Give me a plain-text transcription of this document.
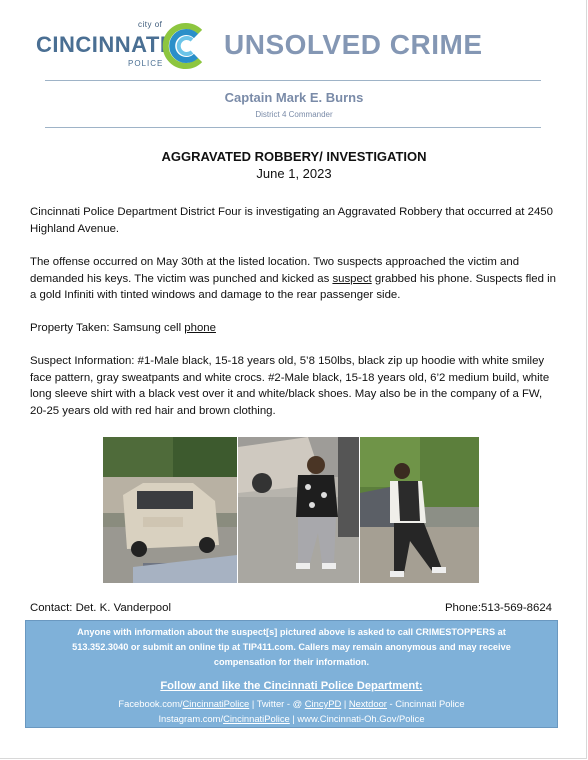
city of
CINCINNATI
POLICE
UNSOLVED CRIME
Captain Mark E. Burns
District 4 Commander
AGGRAVATED ROBBERY/ INVESTIGATION
June 1, 2023
Cincinnati Police Department District Four is investigating an Aggravated Robbery that occurred at 2450 Highland Avenue.
The offense occurred on May 30th at the listed location. Two suspects approached the victim and demanded his keys. The victim was punched and kicked as suspect grabbed his phone. Suspects fled in a gold Infiniti with tinted windows and damage to the rear passenger side.
Property Taken: Samsung cell phone
Suspect Information: #1-Male black, 15-18 years old, 5’8 150lbs, black zip up hoodie with white smiley face pattern, gray sweatpants and white crocs. #2-Male black, 15-18 years old, 6’2 medium build, white long sleeve shirt with a black vest over it and white/black shoes. May also be in the company of a FW, 20-25 years old with red hair and brown clothing.
Contact: Det. K. Vanderpool	Phone:513-569-8624
Anyone with information about the suspect[s] pictured above is asked to call CRIMESTOPPERS at 513.352.3040 or submit an online tip at TIP411.com. Callers may remain anonymous and may receive compensation for their information.
Follow and like the Cincinnati Police Department:
Facebook.com/CincinnatiPolice | Twitter - @ CincyPD | Nextdoor - Cincinnati Police
Instagram.com/CincinnatiPolice | www.Cincinnati-Oh.Gov/Police
